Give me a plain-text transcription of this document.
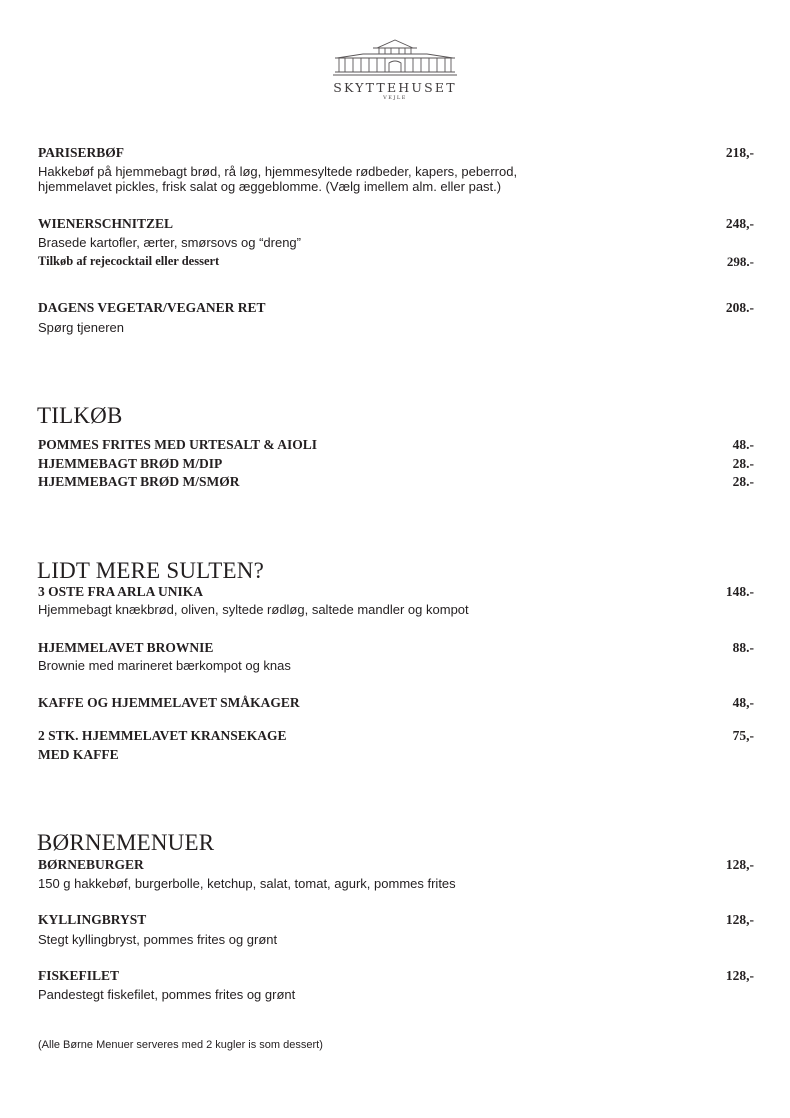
SKYTTEHUSET
VEJLE
PARISERBØF	218,-
Hakkebøf på hjemmebagt brød, rå løg, hjemmesyltede rødbeder, kapers, peberrod,
hjemmelavet pickles, frisk salat og æggeblomme. (Vælg imellem alm. eller past.)
WIENERSCHNITZEL	248,-
Brasede kartofler, ærter, smørsovs og “dreng”
Tilkøb af rejecocktail eller dessert	298.-
DAGENS VEGETAR/VEGANER RET	208.-
Spørg tjeneren
TILKØB
POMMES FRITES MED URTESALT & AIOLI	48.-
HJEMMEBAGT BRØD M/DIP	28.-
HJEMMEBAGT BRØD M/SMØR	28.-
LIDT MERE SULTEN?
3 OSTE FRA ARLA UNIKA	148.-
Hjemmebagt knækbrød, oliven, syltede rødløg, saltede mandler og kompot
HJEMMELAVET BROWNIE	88.-
Brownie med marineret bærkompot og knas
KAFFE OG HJEMMELAVET SMÅKAGER	48,-
2 STK. HJEMMELAVET KRANSEKAGE	75,-
MED KAFFE
BØRNEMENUER
BØRNEBURGER	128,-
150 g hakkebøf, burgerbolle, ketchup, salat, tomat, agurk, pommes frites
KYLLINGBRYST	128,-
Stegt kyllingbryst, pommes frites og grønt
FISKEFILET	128,-
Pandestegt fiskefilet, pommes frites og grønt
(Alle Børne Menuer serveres med 2 kugler is som dessert)
